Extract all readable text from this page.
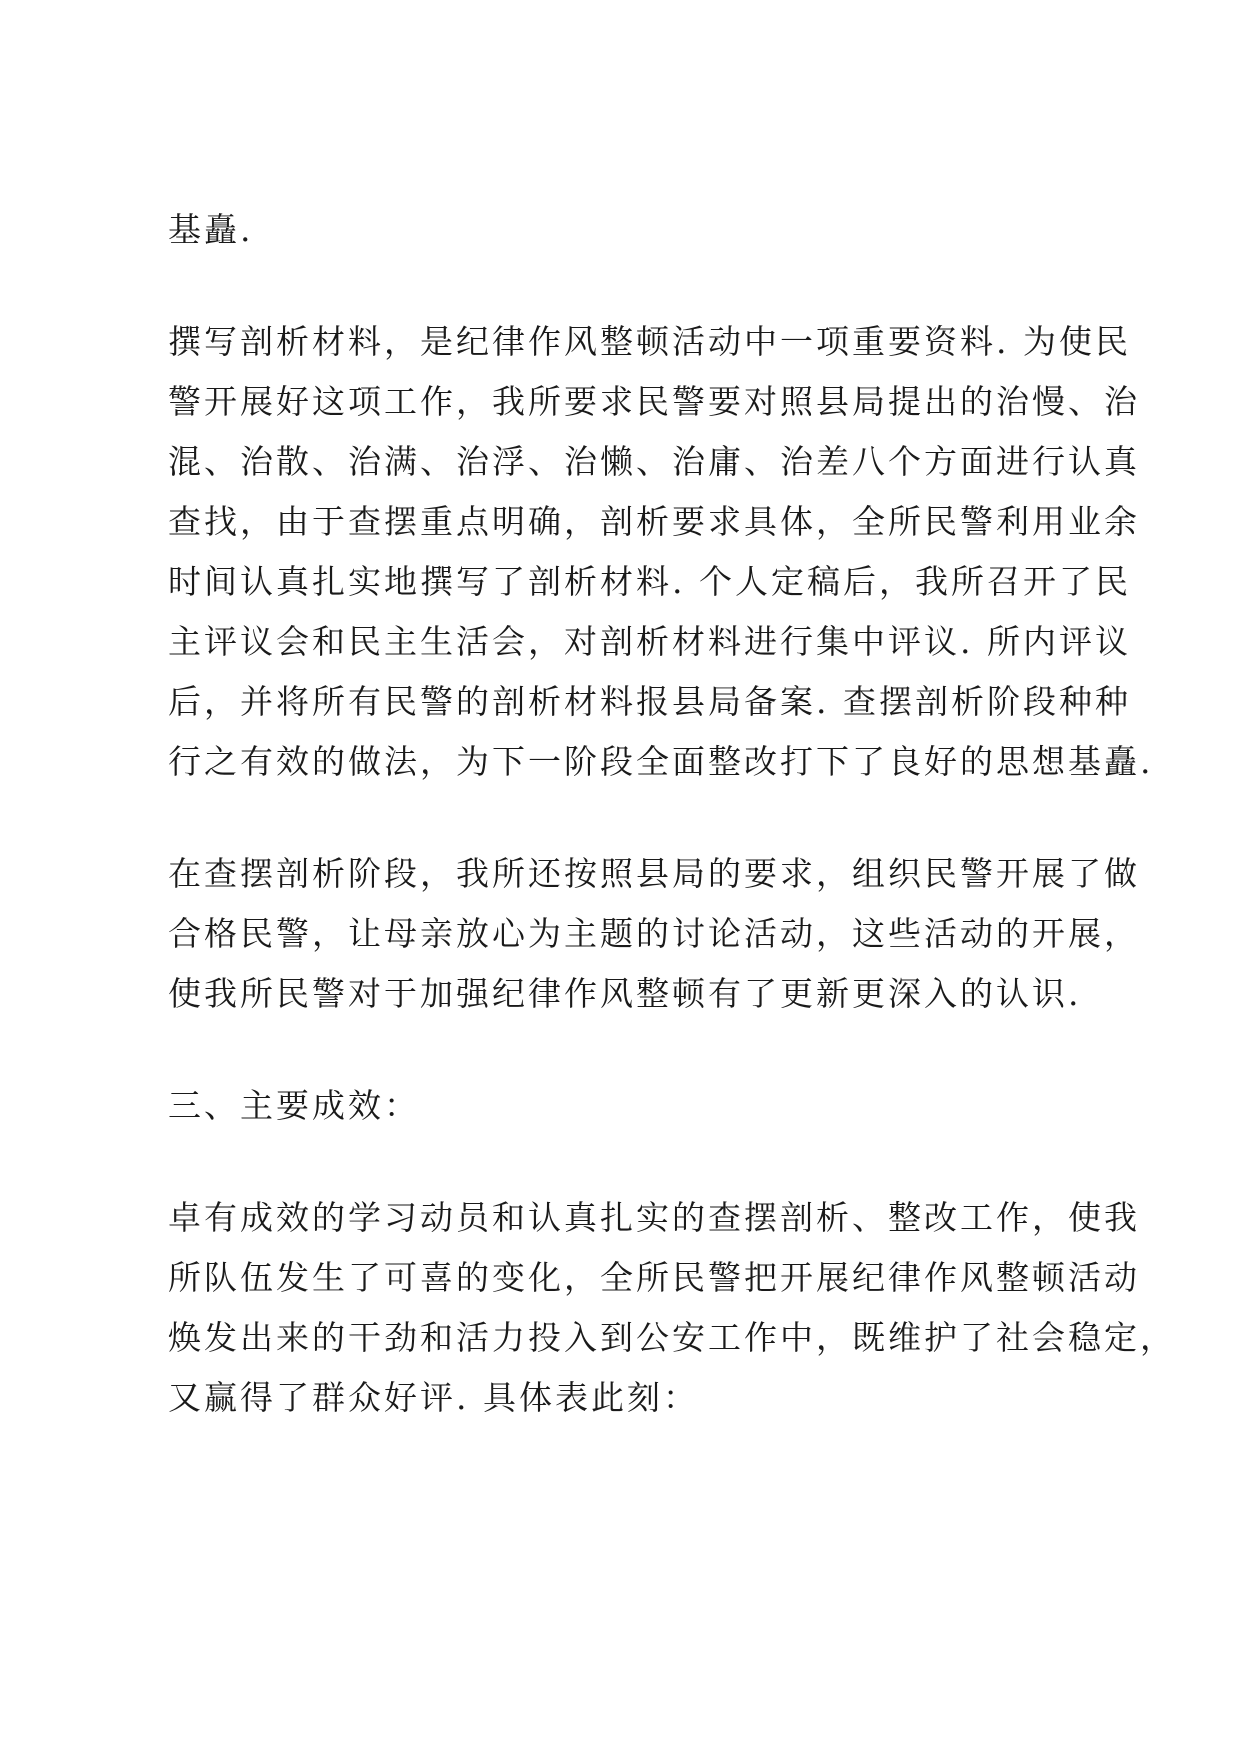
基矗.

撰写剖析材料，是纪律作风整顿活动中一项重要资料. 为使民
警开展好这项工作，我所要求民警要对照县局提出的治慢、治
混、治散、治满、治浮、治懒、治庸、治差八个方面进行认真
查找，由于查摆重点明确，剖析要求具体，全所民警利用业余
时间认真扎实地撰写了剖析材料. 个人定稿后，我所召开了民
主评议会和民主生活会，对剖析材料进行集中评议. 所内评议
后，并将所有民警的剖析材料报县局备案. 查摆剖析阶段种种
行之有效的做法，为下一阶段全面整改打下了良好的思想基矗.

在查摆剖析阶段，我所还按照县局的要求，组织民警开展了做
合格民警，让母亲放心为主题的讨论活动，这些活动的开展，
使我所民警对于加强纪律作风整顿有了更新更深入的认识.

三、主要成效：

卓有成效的学习动员和认真扎实的查摆剖析、整改工作，使我
所队伍发生了可喜的变化，全所民警把开展纪律作风整顿活动
焕发出来的干劲和活力投入到公安工作中，既维护了社会稳定，
又赢得了群众好评. 具体表此刻：
